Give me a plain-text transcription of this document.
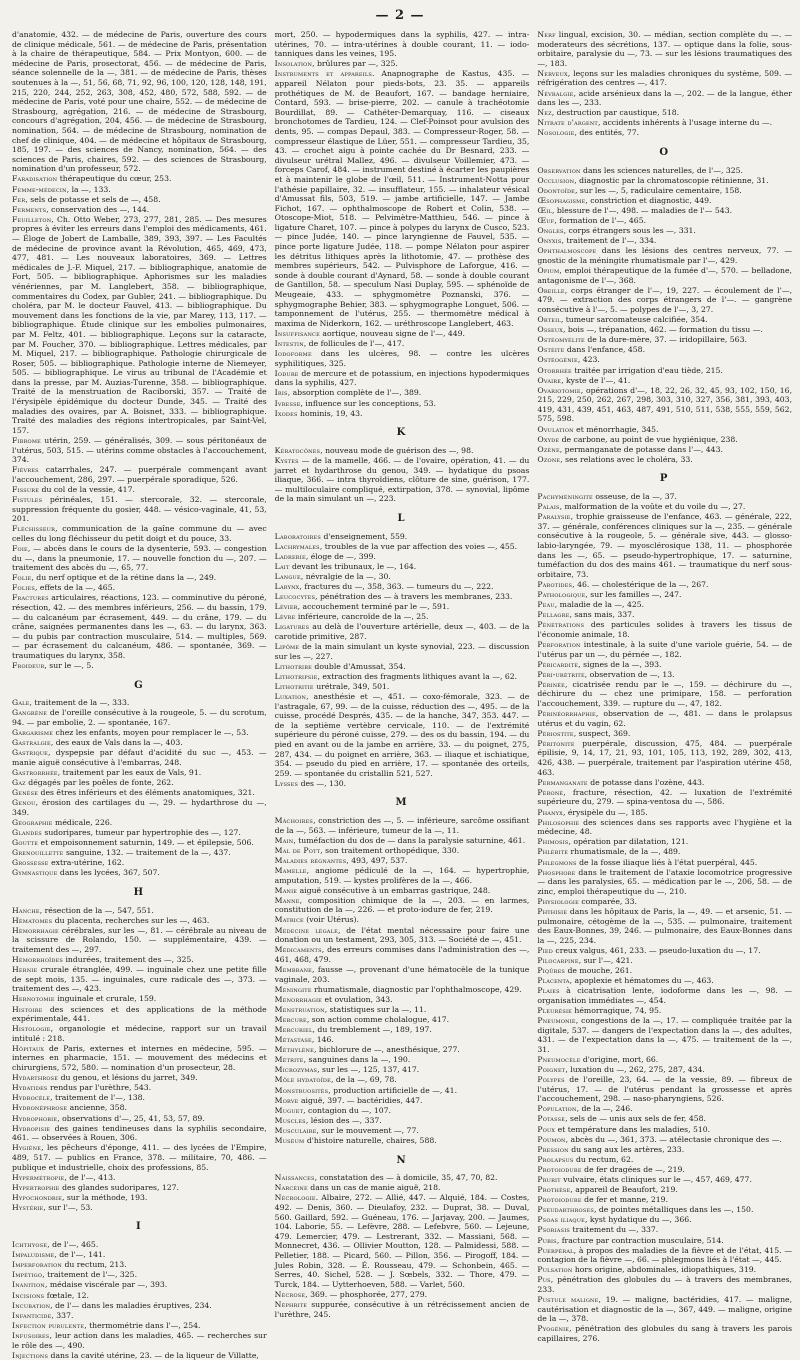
— 2 —

d'anatomie, 432. — de médecine de Paris, ouverture des cours de clinique médicale, 561. — de médecine de Paris, présentation à la chaire de thérapeutique, 584. — Prix Montyon, 600. — de médecine de Paris, prosectorat, 456. — de médecine de Paris, séance solennelle de la —, 381. — de médecine de Paris, thèses soutenues à la —, 51, 56, 68, 71, 92, 96, 100, 120, 128, 148, 191, 215, 220, 244, 252, 263, 308, 452, 480, 572, 588, 592. — de médecine de Paris, voté pour une chaire, 552. — de médecine de Strasbourg, agrégation, 216. — de médecine de Strasbourg, concours d'agrégation, 204, 456. — de médecine de Strasbourg, nomination, 564. — de médecine de Strasbourg, nomination de chef de clinique, 404. — de médecine et hôpitaux de Strasbourg, 185, 197. — des sciences de Nancy, nomination, 564. — des sciences de Paris, chaires, 592. — des sciences de Strasbourg, nomination d'un professeur, 572.

Faradisation thérapeutique du cœur, 253.

Femme-médecin, la —, 133.

Fer, sels de potasse et sels de —, 458.

Ferments, conservation des —, 144.

Feuilleton, Ch. Otto Weber, 273, 277, 281, 285. — Des mesures propres à éviter les erreurs dans l'emploi des médicaments, 461. — Éloge de Jobert de Lamballe, 389, 393, 397. — Les Facultés de médecine de province avant la Révolution, 465, 469, 473, 477, 481. — Les nouveaux laboratoires, 369. — Lettres médicales de J.-F. Miquel, 217. — bibliographique, anatomie de Fort, 505. — bibliographique. Aphorismes sur les maladies vénériennes, par M. Langlebert, 358. — bibliographique, commentaires du Codex, par Gubler, 241. — bibliographique. Du choléra, par M. le docteur Fauvel, 413. — bibliographique. Du mouvement dans les fonctions de la vie, par Marey, 113, 117. — bibliographique. Étude clinique sur les embolies pulmonaires, par M. Feltz, 401. — bibliographique. Leçons sur la cataracte, par M. Foucher, 370. — bibliographique. Lettres médicales, par M. Miquel, 217. — bibliographique. Pathologie chirurgicale de Roser, 505. — bibliographique. Pathologie interne de Niemeyer, 505. — bibliographique. Le virus au tribunal de l'Académie et dans la presse, par M. Auzias-Turenne, 358. — bibliographique. Traité de la menstruation de Raciborski, 357. — Traité de l'érysipèle épidémique du docteur Dunde, 345. — Traité des maladies des ovaires, par A. Boisnet, 333. — bibliographique. Traité des maladies des régions intertropicales, par Saint-Vel, 157.

Fibrome utérin, 259. — généralisés, 309. — sous péritonéaux de l'utérus, 503, 515. — utérins comme obstacles à l'accouchement, 374.

Fièvres catarrhales, 247. — puerpérale commençant avant l'accouchement, 286, 297. — puerpérale sporadique, 526.

Fissure du col de la vessie, 417.

Fistules périnéales, 151. — stercorale, 32. — stercorale, suppression fréquente du gosier, 448. — vésico-vaginale, 41, 53, 201.

Fléchisseur, communication de la gaîne commune du — avec celles du long fléchisseur du petit doigt et du pouce, 33.

Foie, — abcès dans le cours de la dysenterie, 593. — congestion du —, dans la pneumonie, 17. — nouvelle fonction du —, 207. — traitement des abcès du —, 65, 77.

Folie, du nerf optique et de la rétine dans la —, 249.

Folies, effets de la —, 465.

Fractures articulaires, réactions, 123. — comminutive du péroné, résection, 42. — des membres inférieurs, 256. — du bassin, 179. — du calcanéum par écrasement, 449. — du crâne, 179. — du crâne, saignées permanentes dans les —, 63. — du larynx, 363. — du pubis par contraction musculaire, 514. — multiples, 569. — par écrasement du calcanéum, 486. — spontanée, 369. — traumatiques du larynx, 358.

Froideur, sur le —, 5.

G

Gale, traitement de la —, 333.

Gangrène de l'oreille consécutive à la rougeole, 5. — du scrotum, 94. — par embolie, 2. — spontanée, 167.

Gargarisme chez les enfants, moyen pour remplacer le —, 53.

Gastralgie, des eaux de Vals dans la —, 403.

Gastrique, dyspepsie par défaut d'acidité du suc —, 453. — manie aiguë consécutive à l'embarras, 248.

Gastrorrhée, traitement par les eaux de Vals, 91.

Gaz dégagés par les poêles de fonte, 262.

Genèse des êtres inférieurs et des éléments anatomiques, 321.

Genou, érosion des cartilages du —, 29. — hydarthrose du —, 349.

Géographie médicale, 226.

Glandes sudoripares, tumeur par hypertrophie des —, 127.

Goutte et empoisonnement saturnin, 149. — et épilepsie, 506.

Grenouillette sanguine, 132. — traitement de la —, 437.

Grossesse extra-utérine, 162.

Gymnastique dans les lycées, 367, 507.

H

Hanche, résection de la —, 547, 551.

Hématomes du placenta, recherches sur les —, 463.

Hémorrhagie cérébrales, sur les —, 81. — cérébrale au niveau de la scissure de Rolando, 150. — supplémentaire, 439. — traitement des —, 297.

Hémorrhoïdes indurées, traitement des —, 325.

Hernie crurale étranglée, 499. — inguinale chez une petite fille de sept mois, 135. — inguinales, cure radicale des —, 373. — traitement des —, 423.

Hernotomie inguinale et crurale, 159.

Histoire des sciences et des applications de la méthode expérimentale, 441.

Histologie, organologie et médecine, rapport sur un travail intitulé : 218.

Hôpitaux de Paris, externes et internes en médecine, 595. — internes en pharmacie, 151. — mouvement des médecins et chirurgiens, 572, 580. — nomination d'un prosecteur, 28.

Hydarthrose du genou, et lésions du jarret, 349.

Hydatides rendus par l'urèthre, 543.

Hydrocèle, traitement de l'—, 138.

Hydronéphrose ancienne, 358.

Hydrophobie, observations d'—, 25, 41, 53, 57, 89.

Hydropisie des gaines tendineuses dans la syphilis secondaire, 461. — observées à Rouen, 306.

Hygiène, les pêcheurs d'éponge, 411. — des lycées de l'Empire, 489, 517. — publics en France, 378. — militaire, 70, 486. — publique et industrielle, choix des professions, 85.

Hypermétropie, de l'—, 413.

Hypertrophie des glandes sudoripares, 127.

Hypochondrie, sur la méthode, 193.

Hystérie, sur l'—, 53.

I

Ichthyose, de l'—, 465.

Impaludisme, de l'—, 141.

Imperforation du rectum, 213.

Impétigo, traitement de l'—, 325.

Inanition, médaise viscérale par —, 393.

Incisions fœtale, 12.

Incubation, de l'— dans les maladies éruptives, 234.

Infanticide, 337.

Infection purulente, thermométrie dans l'—, 254.

Infusoires, leur action dans les maladies, 465. — recherches sur le rôle des —, 490.

Injections dans la cavité utérine, 23. — de la liqueur de Villatte,

mort, 250. — hypodermiques dans la syphilis, 427. — intra-utérines, 70. — intra-utérines à double courant, 11. — iodo-tanniques dans les veines, 195.

Insolation, brûlures par —, 325.

Instruments et appareils. Anapnographe de Kastus, 435. — appareil Nélaton pour pieds-bots, 23. 35. — appareils prothétiques de M. de Beaufort, 167. — bandage herniaire, Contard, 593. — brise-pierre, 202. — canule à trachéotomie Bourdillat, 89. — Cathéter-Demarquay, 116. — ciseaux bronchotomes de Tardieu, 124. — Clef-Poinsot pour avulsion des dents, 95. — compas Depaul, 383. — Compresseur-Roger, 58. — compresseur élastique de Lüer, 551. — compresseur Tardieu, 35, 43. — crochet aigu à pointe cachée du Dr Besnard, 233. — divulseur urétral Mallez, 496. — divulseur Voillemier, 473. — forceps Carof, 484. — instrument destiné à écarter les paupières et à maintenir le globe de l'œil, 511. — Instrument-Notta pour l'athésie papillaire, 32. — insufflateur, 155. — inhalateur vésical d'Amussat fils, 503, 519. — jambe artificielle, 147. — Jambe Fichot, 167. — ophthalmoscope de Robert et Colin, 538. — Otoscope-Miot, 518. — Pelvimètre-Matthieu, 546. — pince à ligature Charet, 107. — pince à polypes du larynx de Cusco, 523. — pince Judée, 140. — pince laryngienne de Fauvel, 535. — pince porte ligature Judée, 118. — pompe Nélaton pour aspirer les détritus lithiques après la lithotomie, 47. — prothèse des membres supérieurs, 542. — Pulvisphore de Laforgue, 416. — sonde à double courant d'Aynard, 58. — sonde à double courant de Gantillon, 58. — speculum Nasi Duplay, 595. — sphénoïde de Meugeaie, 433. — sphygmomètre Poznanski, 376. — sphygmographe Behier, 383. — sphygmographe Longuet, 506. — tamponnement de l'utérus, 255. — thermomètre médical à maxima de Niderkorn, 162. — uréthroscope Langlebert, 463.

Insuffisance aortique, nouveau signe de l'—, 449.

Intestin, de follicules de l'—, 417.

Iodoforme dans les ulcères, 98. — contre les ulcères syphilitiques, 325.

Iodure de mercure et de potassium, en injections hypodermiques dans la syphilis, 427.

Iris, absorption complète de l'—, 389.

Ivresse, influence sur les conceptions, 53.

Ixodes hominis, 19, 43.

K

Kératocônes, nouveau mode de guérison des —, 98.

Kystes — de la mamelle, 466. — de l'ovaire, opération, 41. — du jarret et hydarthrose du genou, 349. — hydatique du psoas iliaque, 366. — intra thyroïdiens, clôture de sine, guérison, 177. — multiloculaire compliqué, extirpation, 378. — synovial, lipôme de la main simulant un —, 223.

L

Laboratoires d'enseignement, 559.

Lachrymales, troubles de la vue par affection des voies —, 455.

Ladrerie, éloge de —, 399.

Lait devant les tribunaux, le —, 164.

Langue, névralgie de la —, 30.

Larynx, fractures du —, 358, 363. — tumeurs du —, 222.

Leucocytes, pénétration des — à travers les membranes, 233.

Lévier, accouchement terminé par le —, 591.

Lèvre inférieure, cancroïde de la —, 25.

Ligatures au delà de l'ouverture artérielle, deux —, 403. — de la carotide primitive, 287.

Lipôme de la main simulant un kyste synovial, 223. — discussion sur les —, 227.

Lithotribe double d'Amussat, 354.

Lithotripsie, extraction des fragments lithiques avant la —, 62.

Lithotritie urétrale, 349, 501.

Luxation, anesthésie et —, 451. — coxo-fémorale, 323. — de l'astragale, 67, 99. — de la cuisse, réduction des —, 495. — de la cuisse, procédé Després, 435. — de la hanche, 347, 353. 447. — de la septième vertèbre cervicale, 110. — de l'extrémité supérieure du péroné cuisse, 279. — des os du bassin, 194. — du pied en avant ou de la jambe en arrière, 33. — du poignet, 275, 287, 434. — du poignet en arrière, 363. — iliaque et ischiatique, 354. — pseudo du pied en arrière, 17. — spontanée des orteils, 259. — spontanée du cristallin 521, 527.

Lysses des —, 130.

M

Mâchoires, constriction des —, 5. — inférieure, sarcôme ossifiant de la —, 563. — inférieure, tumeur de la —, 11.

Main, tuméfaction du dos de — dans la paralysie saturnine, 461.

Mal de Pott, son traitement orthopédique, 330.

Maladies régnantes, 493, 497, 537.

Mamelle, angiome pédiculé de la —, 164. — hypertrophie, amputation, 519. — kystes prolifères de la —, 466.

Manie aiguë consécutive à un embarras gastrique, 248.

Manne, composition chimique de la —, 203. — en larmes, constitution de la —, 226. — et proto-iodure de fer, 219.

Matrice (voir Utérus).

Médecine légale, de l'état mental nécessaire pour faire une donation ou un testament, 293, 305, 313. — Société de —, 451.

Médicaments, des erreurs commises dans l'administration des —, 461, 468, 479.

Membrane, fausse —, provenant d'une hématocèle de la tunique vaginale, 203.

Méningite rhumatismale, diagnostic par l'ophthalmoscope, 429.

Ménorrhagie et ovulation, 343.

Menstruation, statistiques sur la —, 11.

Mercure, son action comme cholalogue, 417.

Mercuriel, du tremblement —, 189, 197.

Métastase, 146.

Méthylène, bichlorure de —, anesthésique, 277.

Métrite, sanguines dans la —, 190.

Microzymas, sur les —, 125, 137, 417.

Môle hydatoïde, de la —, 69, 78.

Monstruosités, production artificielle de —, 41.

Morve aiguë, 397. — bactéridies, 447.

Muguet, contagion du —, 107.

Muscles, lésion des —, 337.

Musculaire, sur le mouvement —, 77.

Muséum d'histoire naturelle, chaires, 588.

N

Naissances, constatation des — à domicile, 35, 47, 70, 82.

Narcéine dans un cas de manie aiguë, 218.

Nécrologie. Albaire, 272. — Allié, 447. — Alquié, 184. — Costes, 492. — Denis, 360. — Dieulafoy, 232. — Duprat, 38. — Duval, 560. Gaillard, 592. — Guéneau, 176. — Jarjavay, 200. — Jaumes, 104. Laborie, 55. — Lefèvre, 288. — Lefebvre, 560. — Lejeune, 479. Lemercier, 479. — Lestrerant, 332. — Massiani, 568. — Monnecret, 436. — Ollivier Moutton, 128. — Palmidessi, 588. — Pelletier, 188. — Picard, 560. — Pillon, 356. — Pirogoff, 184. — Jules Robin, 328. — É. Rousseau, 479. — Schonbein, 465. — Serres, 40. Sichel, 528. — J. Sœbels, 332. — Thore, 479. — Turck, 184. — Uytterhoeven, 588. — Varlet, 560.

Nécrose, 369. — phosphorée, 277, 279.

Néphrite suppurée, consécutive à un rétrécissement ancien de l'urèthre, 245.

Nerf lingual, excision, 30. — médian, section complète du —. — moderateurs des sécrétions, 137. — optique dans la folie, sous-orbitaire, paralysie du —, 73. — sur les lésions traumatiques des —, 183.

Nerveux, leçons sur les maladies chroniques du système, 509. — réfrigération des centres —, 417.

Névralgie, acide arsénieux dans la —, 202. — de la langue, éther dans les —, 233.

Nez, destruction par caustique, 518.

Nitrate d'argent, accidents inhérents à l'usage interne du —.

Nosologie, des entités, 77.

O

Observation dans les sciences naturelles, de l'—, 325.

Occlusion, diagnostic par la chromatoscopie rétinienne, 31.

Odontoïde, sur les —, 5, radiculaire cementaire, 158.

Œsophagisme, constriction et diagnostic, 449.

Œil, blessure de l'—, 498. — maladies de l'— 543.

Œuf, formation de l'—, 465.

Ongles, corps étrangers sous les —, 331.

Onyxis, traitement de l'—, 334.

Ophthalmoscope dans les lésions des centres nerveux, 77. — gnostic de la méningite rhumatismale par l'—, 429.

Opium, emploi thérapeutique de la fumée d'—, 570. — belladone, antagonisme de l'—, 368.

Oreille, corps étranger de l'—, 19, 227. — écoulement de l'—, 479. — extraction des corps étrangers de l'—. — gangrène consécutive à l'—, 5. — polypes de l'—, 3, 27.

Orteil, tumeur sarcomateuse calcifiée, 354.

Osseux, bois —, trépanation, 462. — formation du tissu —.

Ostéomyélite de la dure-mère, 37. — iridopillaire, 563.

Ostéite dans l'enfance, 458.

Ostéogénie, 423.

Otorrhée traitée par irrigation d'eau tiède, 215.

Ovaire, kyste de l'—, 41.

Ovariotomie, opérations d'—, 18, 22, 26, 32, 45, 93, 102, 150, 16, 215, 229, 250, 262, 267, 298, 303, 310, 327, 356, 381, 393, 403, 419, 431, 439, 451, 463, 487, 491, 510, 511, 538, 555, 559, 562, 575, 598.

Ovulation et ménorrhagie, 345.

Oxyde de carbone, au point de vue hygiénique, 238.

Ozène, permanganate de potasse dans l'—, 443.

Ozone, ses relations avec le choléra, 33.

P

Pachyméningite osseuse, de la —, 37.

Palais, malformation de la voûte et du voile du —, 27.

Paralysie, trophie graisseuse de l'enfance, 463. — générale, 222, 37. — générale, conférences cliniques sur la —, 235. — générale consécutive à la rougeole, 5. — générale sive, 443. — glosso-labio-laryngée, 79. — myosclérosique 138, 11. — phosphorée dans les —, 65. — pseudo-hypertrophique, 17. — saturnine, tuméfaction du dos des mains 461. — traumatique du nerf sous-orbitaire, 73.

Parotides, 46. — cholestérique de la —, 267.

Pathologique, sur les familles —, 247.

Peau, maladie de la —, 425.

Pellagre, sans mais, 337.

Pénétrations des particules solides à travers les tissus de l'économie animale, 18.

Perforation intestinale, à la suite d'une variole guérie, 54. — de l'utérus par un —, du pérnée —, 182.

Péricardite, signes de la —, 393.

Péri-urétrite, observation de —, 13.

Périnée, cicatrisée rendu par le —, 159. — déchirure du —, déchirure du — chez une primipare, 158. — perforation l'accouchement, 339. — rupture du —, 47, 182.

Périnéorrhaphie, observation de —, 481. — dans le prolapsus utérus et du vagin, 62.

Périostite, suspect, 369.

Péritonite puerpérale, discussion, 475, 484. — puerpérale épilisie, 9, 14, 17, 21, 93, 101, 105, 113, 192, 289, 302, 413, 426, 438. — puerpérale, traitement par l'aspiration utérine 458, 463.

Permanganate de potasse dans l'ozène, 443.

Péroné, fracture, résection, 42. — luxation de l'extrémité supérieure du, 279. — spina-ventosa du —, 586.

Phanyx, érysipèle du —, 185.

Philosophie des sciences dans ses rapports avec l'hygiène et la médecine, 48.

Phimosis, opération par dilatation, 121.

Phlébite rhumatismale, de la —, 489.

Phlegmons de la fosse iliaque liés à l'état puerpéral, 445.

Phosphore dans le traitement de l'ataxie locomotrice progressive — dans les paralysies, 65. — médication par le —, 206, 58. — de zinc, emploi thérapeutique du —, 210.

Physiologie comparée, 33.

Phthisie dans les hôpitaux de Paris, la —, 49. — et arsenic, 51. — pulmonaire, cétogème de la —, 535. — pulmonaire, traitement des Eaux-Bonnes, 39, 246. — pulmonaire, des Eaux-Bonnes dans la —, 225, 234.

Pied creux valgus, 461, 233. — pseudo-luxation du —, 17.

Pilocarpine, sur l'—, 421.

Piqûres de mouche, 261.

Placenta, apoplexie et hématomes du —, 463.

Plaies à cicatrisation lente, iodoforme dans les —, 98. — organisation immédiates —, 454.

Pleurésie hémorragique, 74, 95.

Pneumonie, congestions de la —, 17. — compliquée traitée par la digitale, 537. — dangers de l'expectation dans la —, des adultes, 431. — de l'expectation dans la —, 475. — traitement de la —, 31.

Pneumocèle d'origine, mort, 66.

Poignet, luxation du —, 262, 275, 287, 434.

Polypes de l'oreille, 23, 64. — de la vessie, 89. — fibreux de l'utérus, 17. — de l'utérus pendant la grossesse et après l'accouchement, 298. — naso-pharyngiens, 526.

Population, de la —, 246.

Potasse, sels de — unis aux sels de fer, 458.

Poux et température dans les maladies, 510.

Poumon, abcès du —, 361, 373. — atélectasie chronique des —.

Pression du sang aux les artères, 233.

Prolapsus du rectum, 62.

Protoiodure de fer dragées de —, 219.

Prurit vulvaire, états cliniques sur le —, 457, 469, 477.

Prothèse, appareil de Beaufort, 219.

Protoiodure de fer et manne, 219.

Pseudarthroses, de pointes métalliques dans les —, 150.

Psoas iliaque, kyst hydatique du —, 366.

Psoriasis traitement du —, 337.

Pubis, fracture par contraction musculaire, 514.

Puerpéral, à propos des maladies de la fièvre et de l'état, 415. — contagion de la fièvre —, 66. — phlegmons liés à l'état —, 445.

Pulsation hors origine, abdominales, idiopathiques, 319.

Pus, pénétration des globules du — à travers des membranes, 233.

Pustule maligne, 19. — maligne, bactéridies, 417. — maligne, cautérisation et diagnostic de la —, 367, 449. — maligne, origine de la —, 378.

Pyogénie, pénétration des globules du sang à travers les parois capillaires, 276.
